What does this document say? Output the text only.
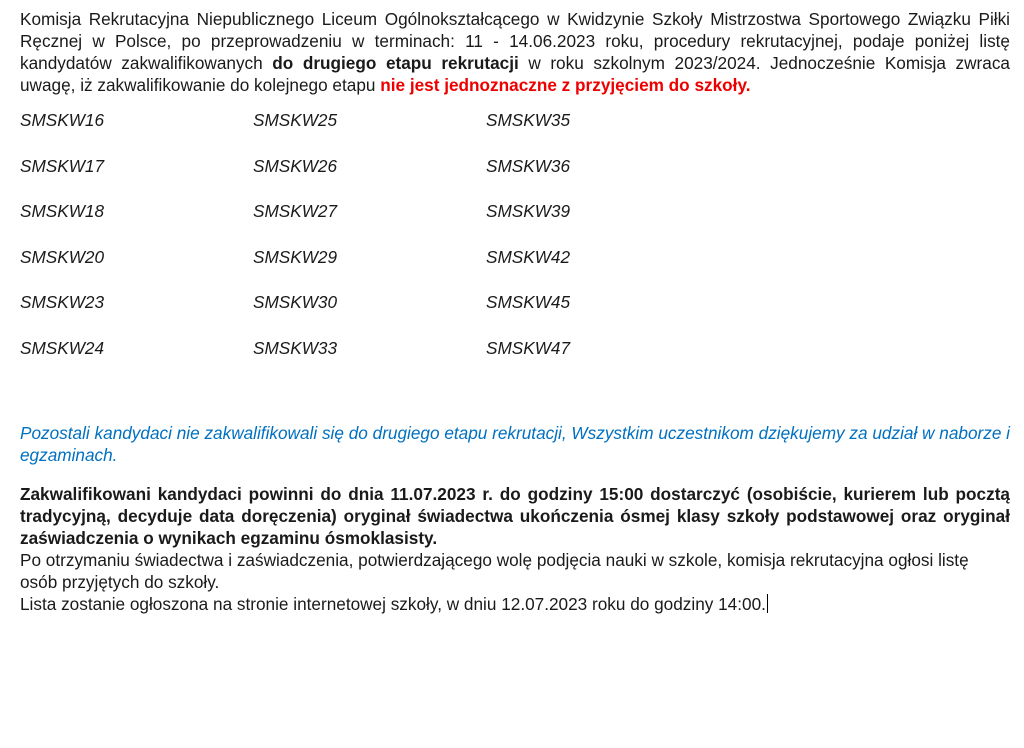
Komisja Rekrutacyjna Niepublicznego Liceum Ogólnokształcącego w Kwidzynie Szkoły Mistrzostwa Sportowego Związku Piłki Ręcznej w Polsce, po przeprowadzeniu w terminach: 11 - 14.06.2023 roku, procedury rekrutacyjnej, podaje poniżej listę kandydatów zakwalifikowanych do drugiego etapu rekrutacji w roku szkolnym 2023/2024. Jednocześnie Komisja zwraca uwagę, iż zakwalifikowanie do kolejnego etapu nie jest jednoznaczne z przyjęciem do szkoły.

SMSKW16	SMSKW25	SMSKW35
SMSKW17	SMSKW26	SMSKW36
SMSKW18	SMSKW27	SMSKW39
SMSKW20	SMSKW29	SMSKW42
SMSKW23	SMSKW30	SMSKW45
SMSKW24	SMSKW33	SMSKW47

Pozostali kandydaci nie zakwalifikowali się do drugiego etapu rekrutacji, Wszystkim uczestnikom dziękujemy za udział w naborze i egzaminach.

Zakwalifikowani kandydaci powinni do dnia 11.07.2023 r. do godziny 15:00 dostarczyć (osobiście, kurierem lub pocztą tradycyjną, decyduje data doręczenia) oryginał świadectwa ukończenia ósmej klasy szkoły podstawowej oraz oryginał zaświadczenia o wynikach egzaminu ósmoklasisty.

Po otrzymaniu świadectwa i zaświadczenia, potwierdzającego wolę podjęcia nauki w szkole, komisja rekrutacyjna ogłosi listę osób przyjętych do szkoły.

Lista zostanie ogłoszona na stronie internetowej szkoły, w dniu 12.07.2023 roku do godziny 14:00.
